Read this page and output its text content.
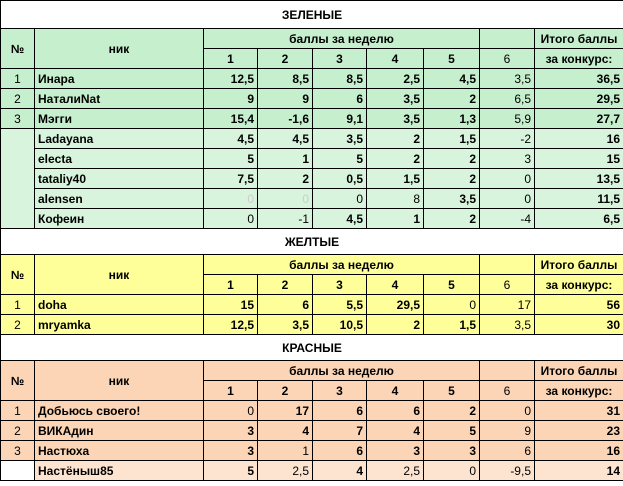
ЗЕЛЕНЫЕ								
№	ник	баллы за неделю						Итого баллы
		1	2	3	4	5	6	за конкурс:
1	Инара	12,5	8,5	8,5	2,5	4,5	3,5	36,5
2	НаталиNat	9	9	6	3,5	2	6,5	29,5
3	Мэгги	15,4	-1,6	9,1	3,5	1,3	5,9	27,7
	Ladayana	4,5	4,5	3,5	2	1,5	-2	16
	electa	5	1	5	2	2	3	15
	tataliy40	7,5	2	0,5	1,5	2	0	13,5
	alensen	0	0	0	8	3,5	0	11,5
	Кофеин	0	-1	4,5	1	2	-4	6,5
ЖЕЛТЫЕ								
№	ник	баллы за неделю						Итого баллы
		1	2	3	4	5	6	за конкурс:
1	doha	15	6	5,5	29,5	0	17	56
2	mryamka	12,5	3,5	10,5	2	1,5	3,5	30
КРАСНЫЕ								
№	ник	баллы за неделю						Итого баллы
		1	2	3	4	5	6	за конкурс:
1	Добьюсь своего!	0	17	6	6	2	0	31
2	ВИКАдин	3	4	7	4	5	9	23
3	Настюха	3	1	6	3	3	6	16
	Настёныш85	5	2,5	4	2,5	0	-9,5	14
